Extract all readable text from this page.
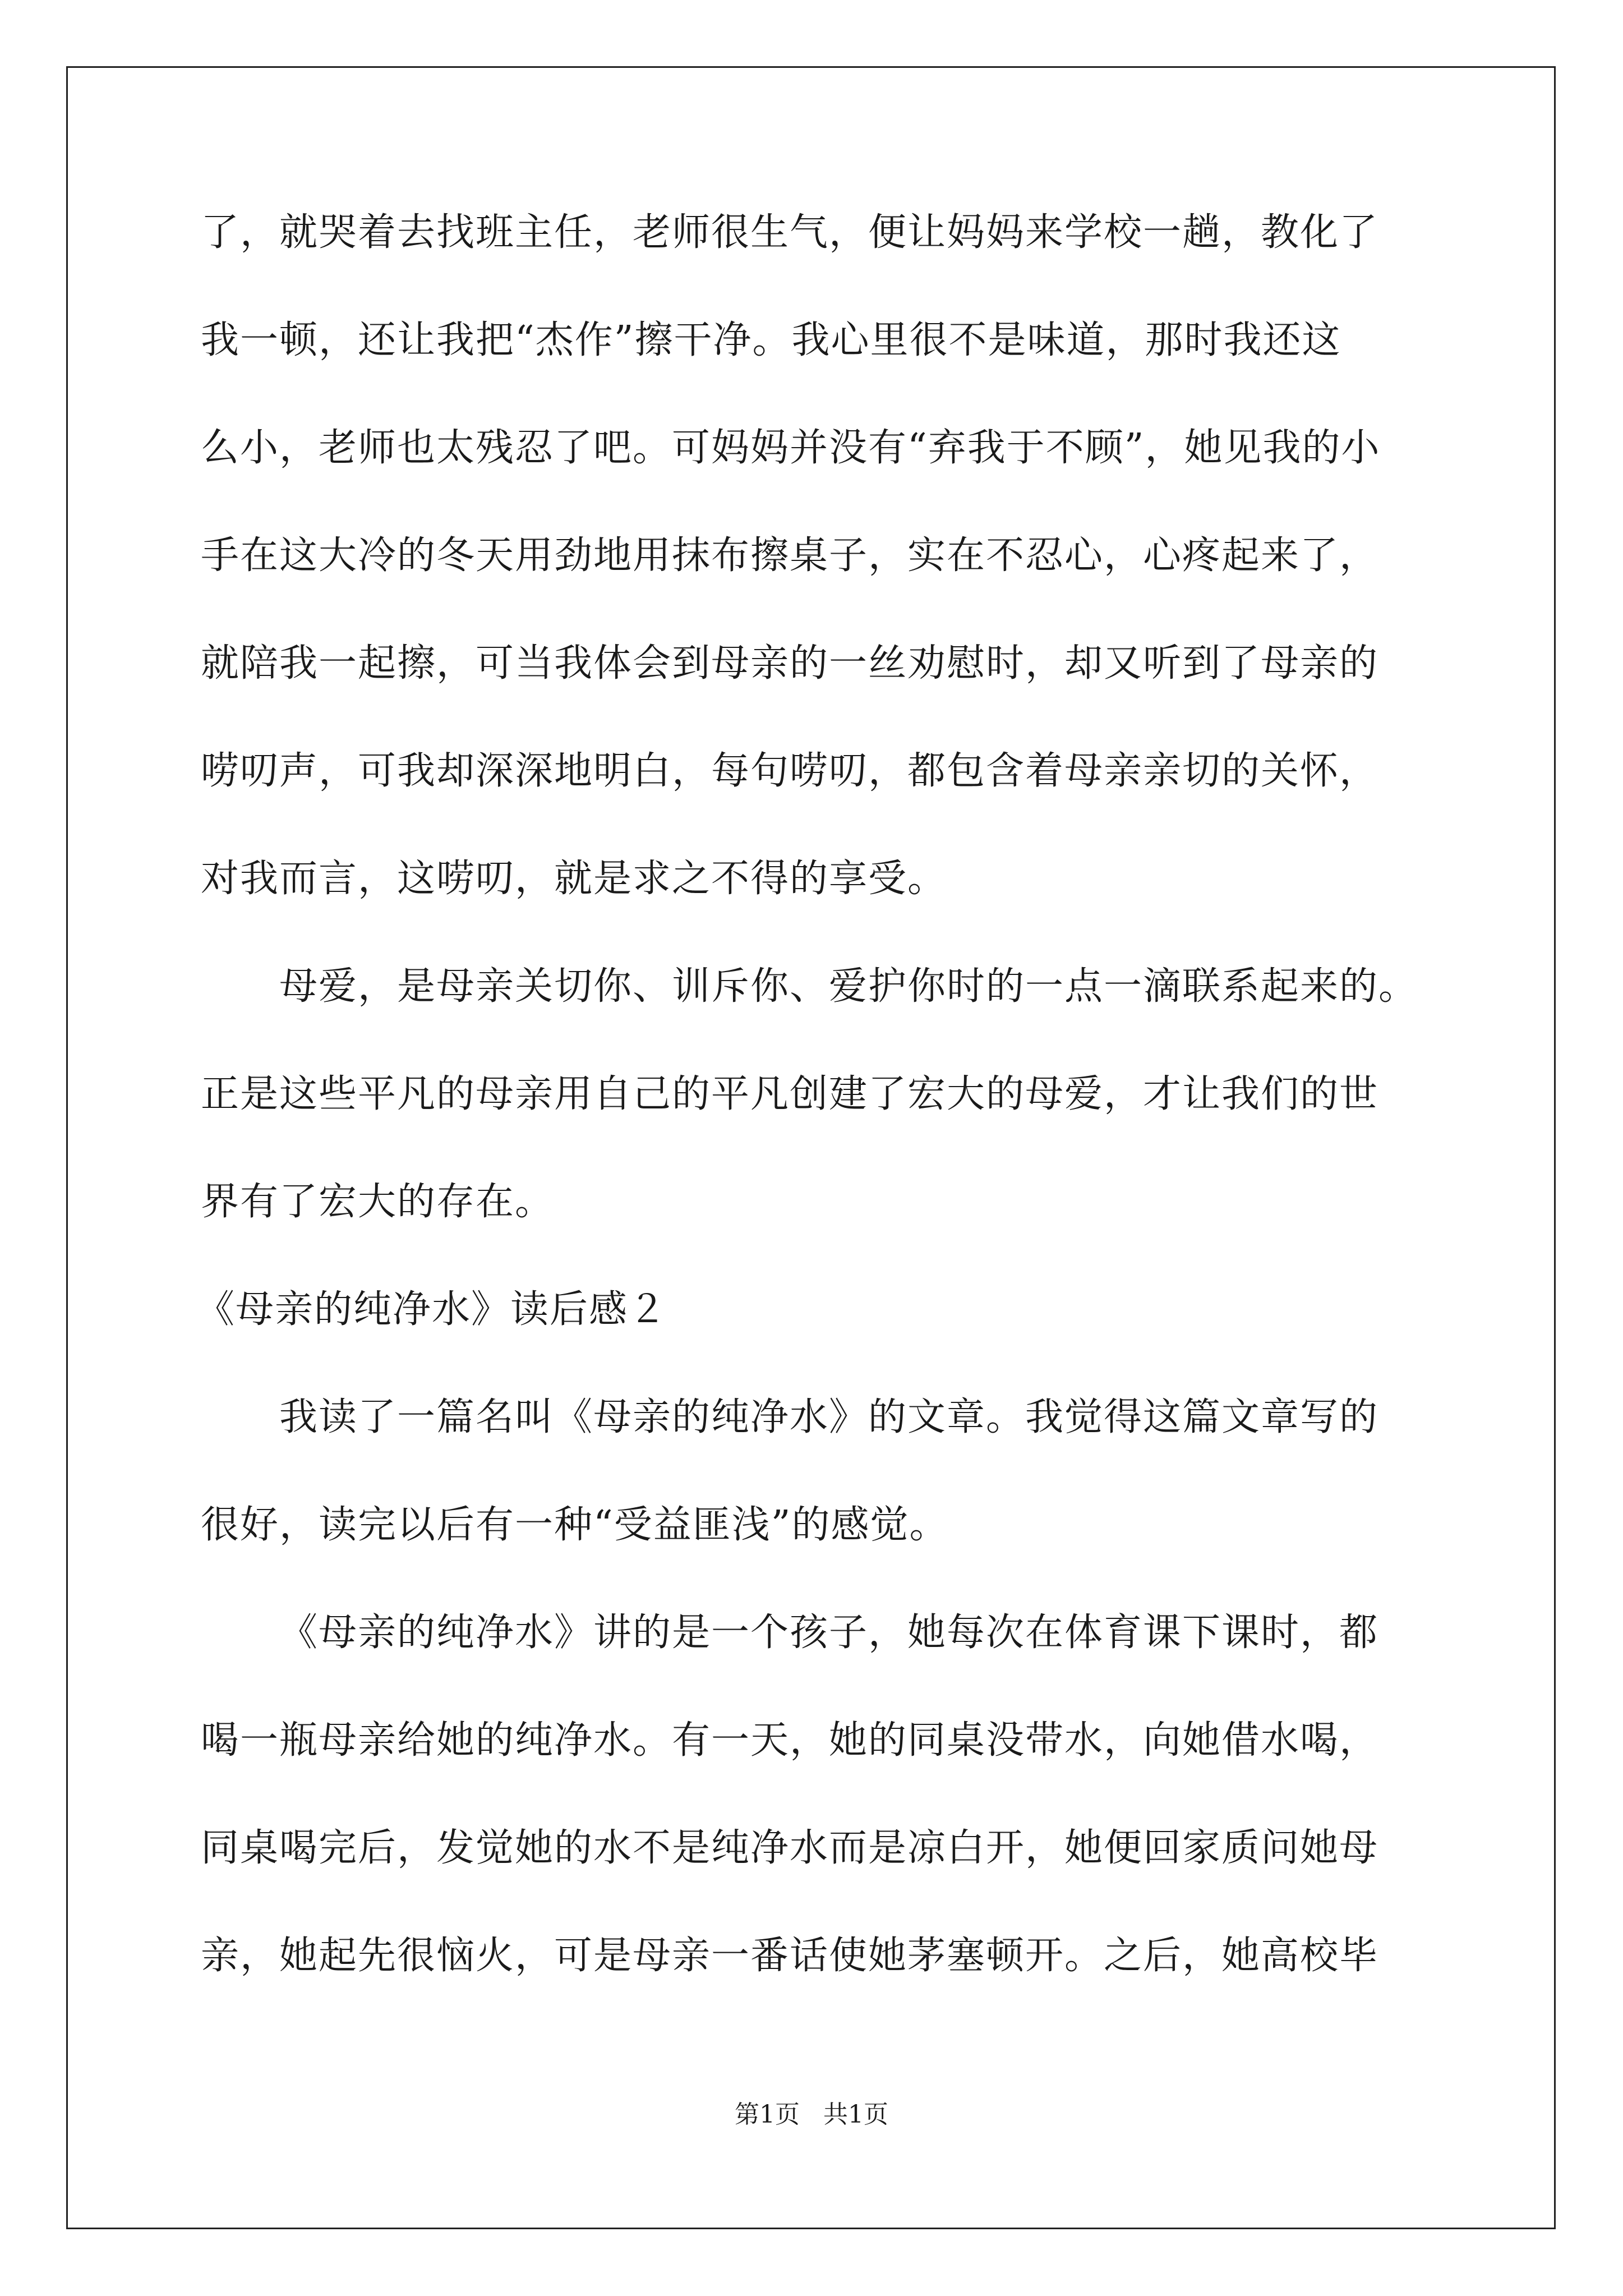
了，就哭着去找班主任，老师很生气，便让妈妈来学校一趟，教化了
我一顿，还让我把“杰作”擦干净。我心里很不是味道，那时我还这
么小，老师也太残忍了吧。可妈妈并没有“弃我于不顾”，她见我的小
手在这大冷的冬天用劲地用抹布擦桌子，实在不忍心，心疼起来了，
就陪我一起擦，可当我体会到母亲的一丝劝慰时，却又听到了母亲的
唠叨声，可我却深深地明白，每句唠叨，都包含着母亲亲切的关怀，
对我而言，这唠叨，就是求之不得的享受。
母爱，是母亲关切你、训斥你、爱护你时的一点一滴联系起来的。
正是这些平凡的母亲用自己的平凡创建了宏大的母爱，才让我们的世
界有了宏大的存在。
《母亲的纯净水》读后感２
我读了一篇名叫《母亲的纯净水》的文章。我觉得这篇文章写的
很好，读完以后有一种“受益匪浅”的感觉。
《母亲的纯净水》讲的是一个孩子，她每次在体育课下课时，都
喝一瓶母亲给她的纯净水。有一天，她的同桌没带水，向她借水喝，
同桌喝完后，发觉她的水不是纯净水而是凉白开，她便回家质问她母
亲，她起先很恼火，可是母亲一番话使她茅塞顿开。之后，她高校毕
第1页 共1页
